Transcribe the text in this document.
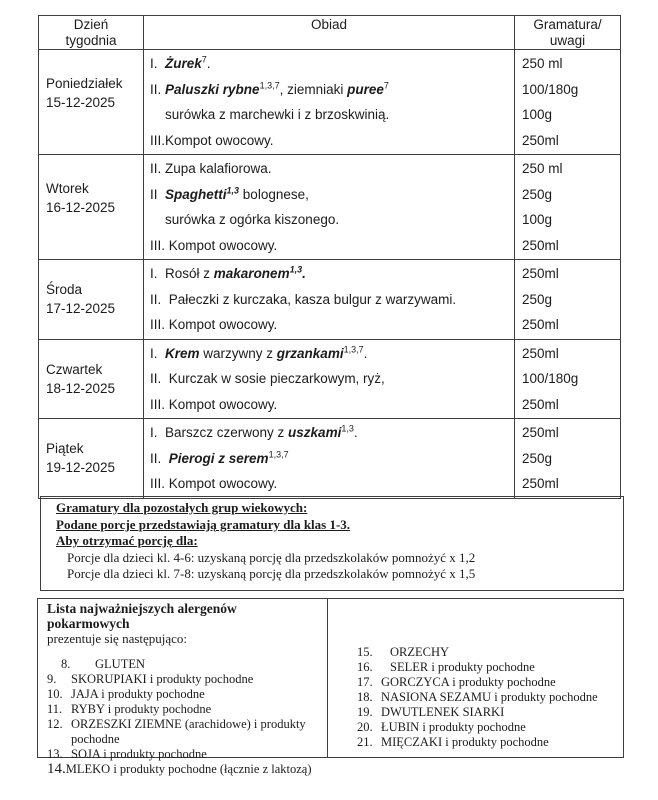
Dzień
tygodnia

Obiad	Gramatura/
uwagi

Poniedziałek
15-12-2025

I.  Żurek$^7$.
II. Paluszki rybne$^{1,3,7}$, ziemniaki puree$^7$
surówka z marchewki i z brzoskwinią.
III.Kompot owocowy.

250 ml
100/180g
100g
250ml

Wtorek
16-12-2025

II. Zupa kalafiorowa.
II  Spaghetti$^{1,3}$ bolognese,
surówka z ogórka kiszonego.
III. Kompot owocowy.

250 ml
250g
100g
250ml

Środa
17-12-2025

I.  Rosół z makaronem$^{1,3}$.
II.  Pałeczki z kurczaka, kasza bulgur z warzywami.
III. Kompot owocowy.

250ml
250g
250ml

Czwartek
18-12-2025

I.  Krem warzywny z grzankami$^{1,3,7}$.
II.  Kurczak w sosie pieczarkowym, ryż,
III. Kompot owocowy.

250ml
100/180g
250ml

Piątek
19-12-2025

I.  Barszcz czerwony z uszkami$^{1,3}$.
II.  Pierogi z serem$^{1,3,7}$
III. Kompot owocowy.

250ml
250g
250ml
Gramatury dla pozostałych grup wiekowych:
Podane porcje przedstawiają gramatury dla klas 1-3.
Aby otrzymać porcję dla:
Porcje dla dzieci kl. 4-6: uzyskaną porcję dla przedszkolaków pomnożyć x 1,2
Porcje dla dzieci kl. 7-8: uzyskaną porcję dla przedszkolaków pomnożyć x 1,5
Lista najważniejszych alergenów pokarmowych
prezentuje się następująco:
8.	GLUTEN
9.	SKORUPIAKI i produkty pochodne
10. JAJA i produkty pochodne
11. RYBY i produkty pochodne
12. ORZESZKI ZIEMNE (arachidowe) i produkty pochodne
13. SOJA i produkty pochodne
14. MLEKO i produkty pochodne (łącznie z laktozą)
15.	ORZECHY
16.	SELER i produkty pochodne
17. GORCZYCA i produkty pochodne
18. NASIONA SEZAMU i produkty pochodne
19. DWUTLENEK SIARKI
20. ŁUBIN i produkty pochodne
21. MIĘCZAKI i produkty pochodne
